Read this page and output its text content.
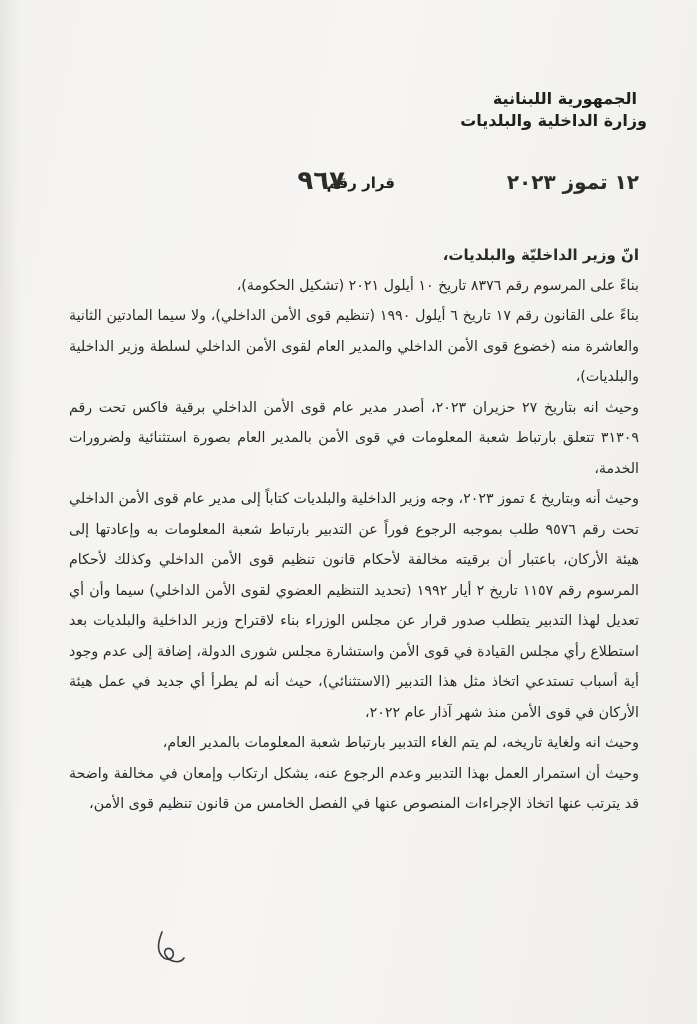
الجمهورية اللبنانية
وزارة الداخلية والبلديات
١٢ تموز ٢٠٢٣
قرار رقم
٩٦٧

انّ وزير الداخليّة والبلديات،

بناءً على المرسوم رقم ٨٣٧٦ تاريخ ١٠ أيلول ٢٠٢١ (تشكيل الحكومة)،

بناءً على القانون رقم ١٧ تاريخ ٦ أيلول ١٩٩٠ (تنظيم قوى الأمن الداخلي)، ولا سيما المادتين الثانية والعاشرة منه (خضوع قوى الأمن الداخلي والمدير العام لقوى الأمن الداخلي لسلطة وزير الداخلية والبلديات)،

وحيث انه بتاريخ ٢٧ حزيران ٢٠٢٣، أصدر مدير عام قوى الأمن الداخلي برقية فاكس تحت رقم ٣١٣٠٩ تتعلق بارتباط شعبة المعلومات في قوى الأمن بالمدير العام بصورة استثنائية ولضرورات الخدمة،

وحيث أنه وبتاريخ ٤ تموز ٢٠٢٣، وجه وزير الداخلية والبلديات كتاباً إلى مدير عام قوى الأمن الداخلي تحت رقم ٩٥٧٦ طلب بموجبه الرجوع فوراً عن التدبير بارتباط شعبة المعلومات به وإعادتها إلى هيئة الأركان، باعتبار أن برقيته مخالفة لأحكام قانون تنظيم قوى الأمن الداخلي وكذلك لأحكام المرسوم رقم ١١٥٧ تاريخ ٢ أيار ١٩٩٢ (تحديد التنظيم العضوي لقوى الأمن الداخلي) سيما وأن أي تعديل لهذا التدبير يتطلب صدور قرار عن مجلس الوزراء بناء لاقتراح وزير الداخلية والبلديات بعد استطلاع رأي مجلس القيادة في قوى الأمن واستشارة مجلس شورى الدولة، إضافة إلى عدم وجود أية أسباب تستدعي اتخاذ مثل هذا التدبير (الاستثنائي)، حيث أنه لم يطرأ أي جديد في عمل هيئة الأركان في قوى الأمن منذ شهر آذار عام ٢٠٢٢،

وحيث انه ولغاية تاريخه، لم يتم الغاء التدبير بارتباط شعبة المعلومات بالمدير العام،

وحيث أن استمرار العمل بهذا التدبير وعدم الرجوع عنه، يشكل ارتكاب وإمعان في مخالفة واضحة قد يترتب عنها اتخاذ الإجراءات المنصوص عنها في الفصل الخامس من قانون تنظيم قوى الأمن،
